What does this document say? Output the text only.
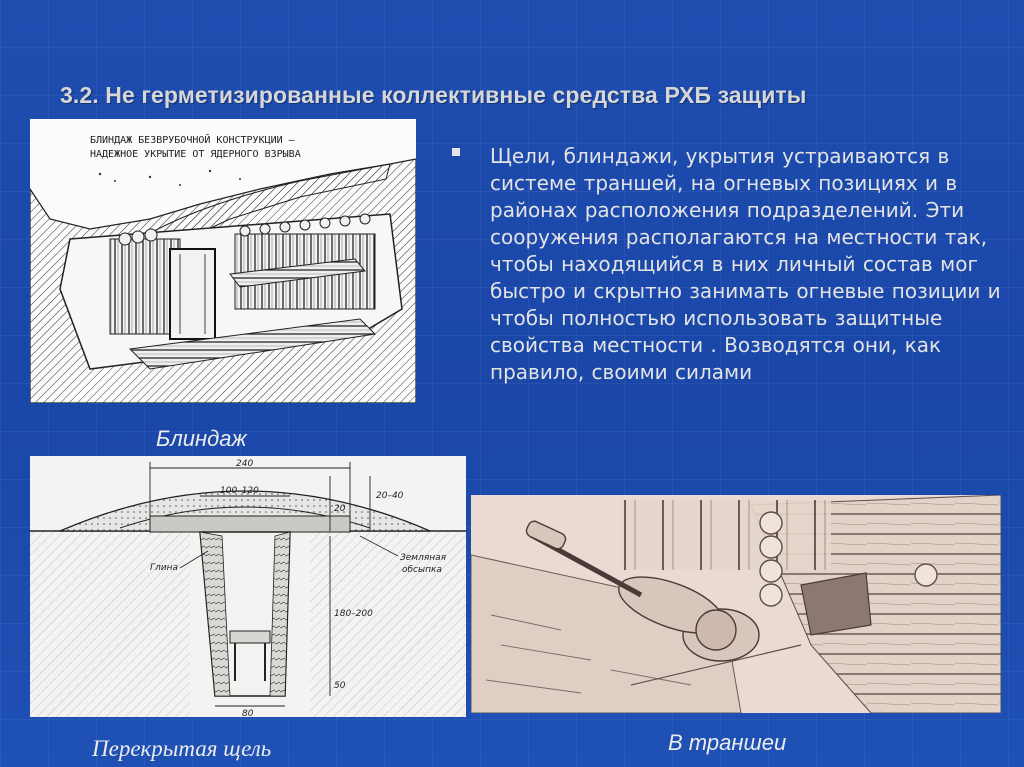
3.2. Не герметизированные коллективные средства РХБ защиты
БЛИНДАЖ БЕЗВРУБОЧНОЙ КОНСТРУКЦИИ —
НАДЕЖНОЕ УКРЫТИЕ ОТ ЯДЕРНОГО ВЗРЫВА
Блиндаж
240
100–120	20–40
20
180–200
50
80
Глина
Земляная
обсыпка
Перекрытая щель	В траншеи
Щели, блиндажи, укрытия устраиваются в системе траншей, на огневых позициях и в районах расположения подразделений. Эти сооружения располагаются на местности так, чтобы находящийся в них личный состав мог быстро и скрытно занимать огневые позиции и чтобы полностью использовать защитные свойства местности . Возводятся они, как правило, своими силами
